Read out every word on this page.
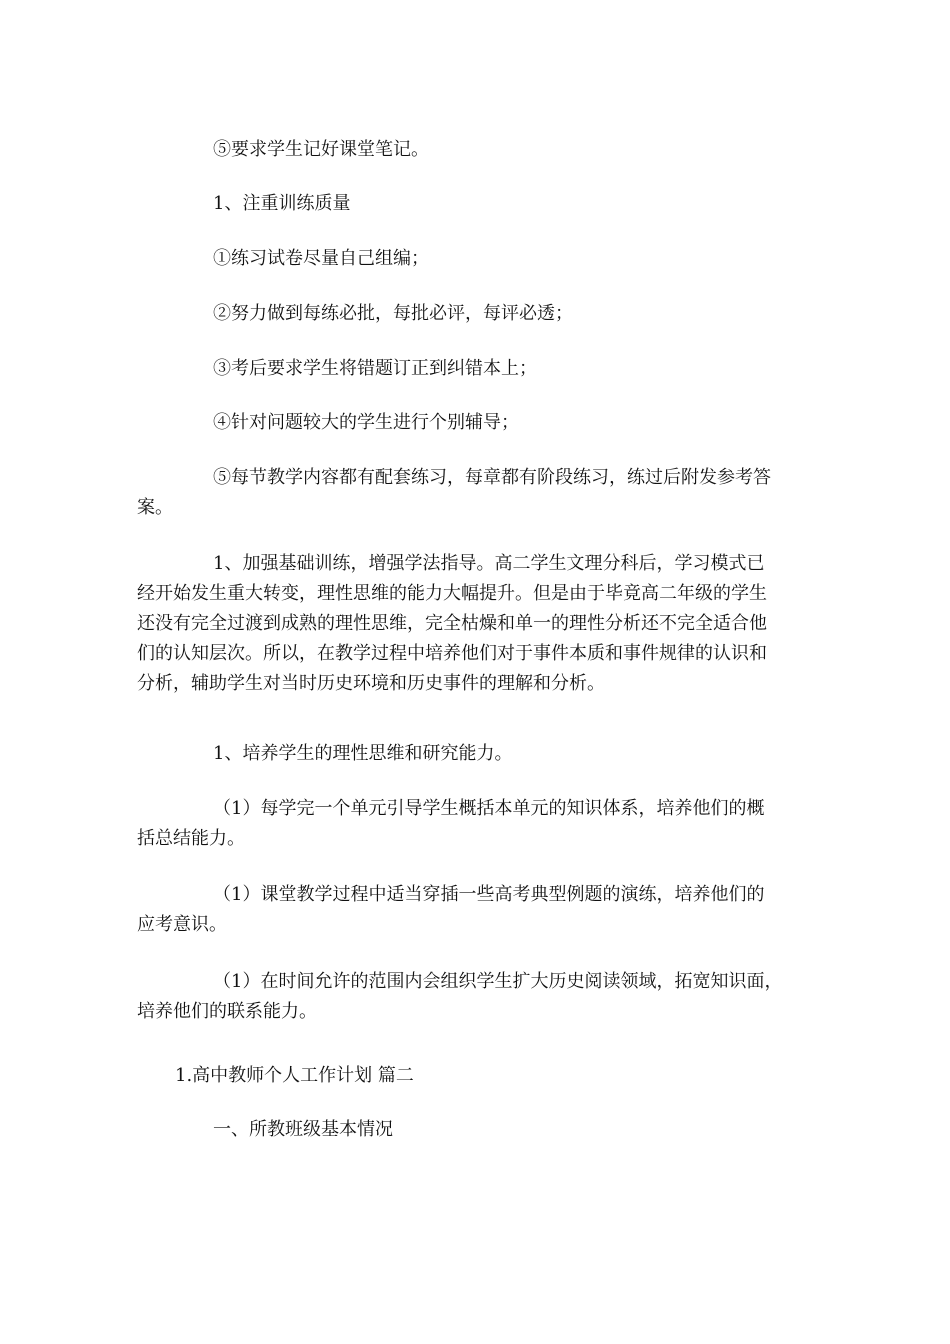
⑤要求学生记好课堂笔记。

1、注重训练质量

①练习试卷尽量自己组编；

②努力做到每练必批，每批必评，每评必透；

③考后要求学生将错题订正到纠错本上；

④针对问题较大的学生进行个别辅导；

⑤每节教学内容都有配套练习，每章都有阶段练习，练过后附发参考答
案。

1、加强基础训练，增强学法指导。高二学生文理分科后，学习模式已
经开始发生重大转变，理性思维的能力大幅提升。但是由于毕竟高二年级的学生
还没有完全过渡到成熟的理性思维，完全枯燥和单一的理性分析还不完全适合他
们的认知层次。所以，在教学过程中培养他们对于事件本质和事件规律的认识和
分析，辅助学生对当时历史环境和历史事件的理解和分析。

1、培养学生的理性思维和研究能力。

（1）每学完一个单元引导学生概括本单元的知识体系，培养他们的概
括总结能力。

（1）课堂教学过程中适当穿插一些高考典型例题的演练，培养他们的
应考意识。

（1）在时间允许的范围内会组织学生扩大历史阅读领域，拓宽知识面，
培养他们的联系能力。

1.高中教师个人工作计划 篇二

一、所教班级基本情况
